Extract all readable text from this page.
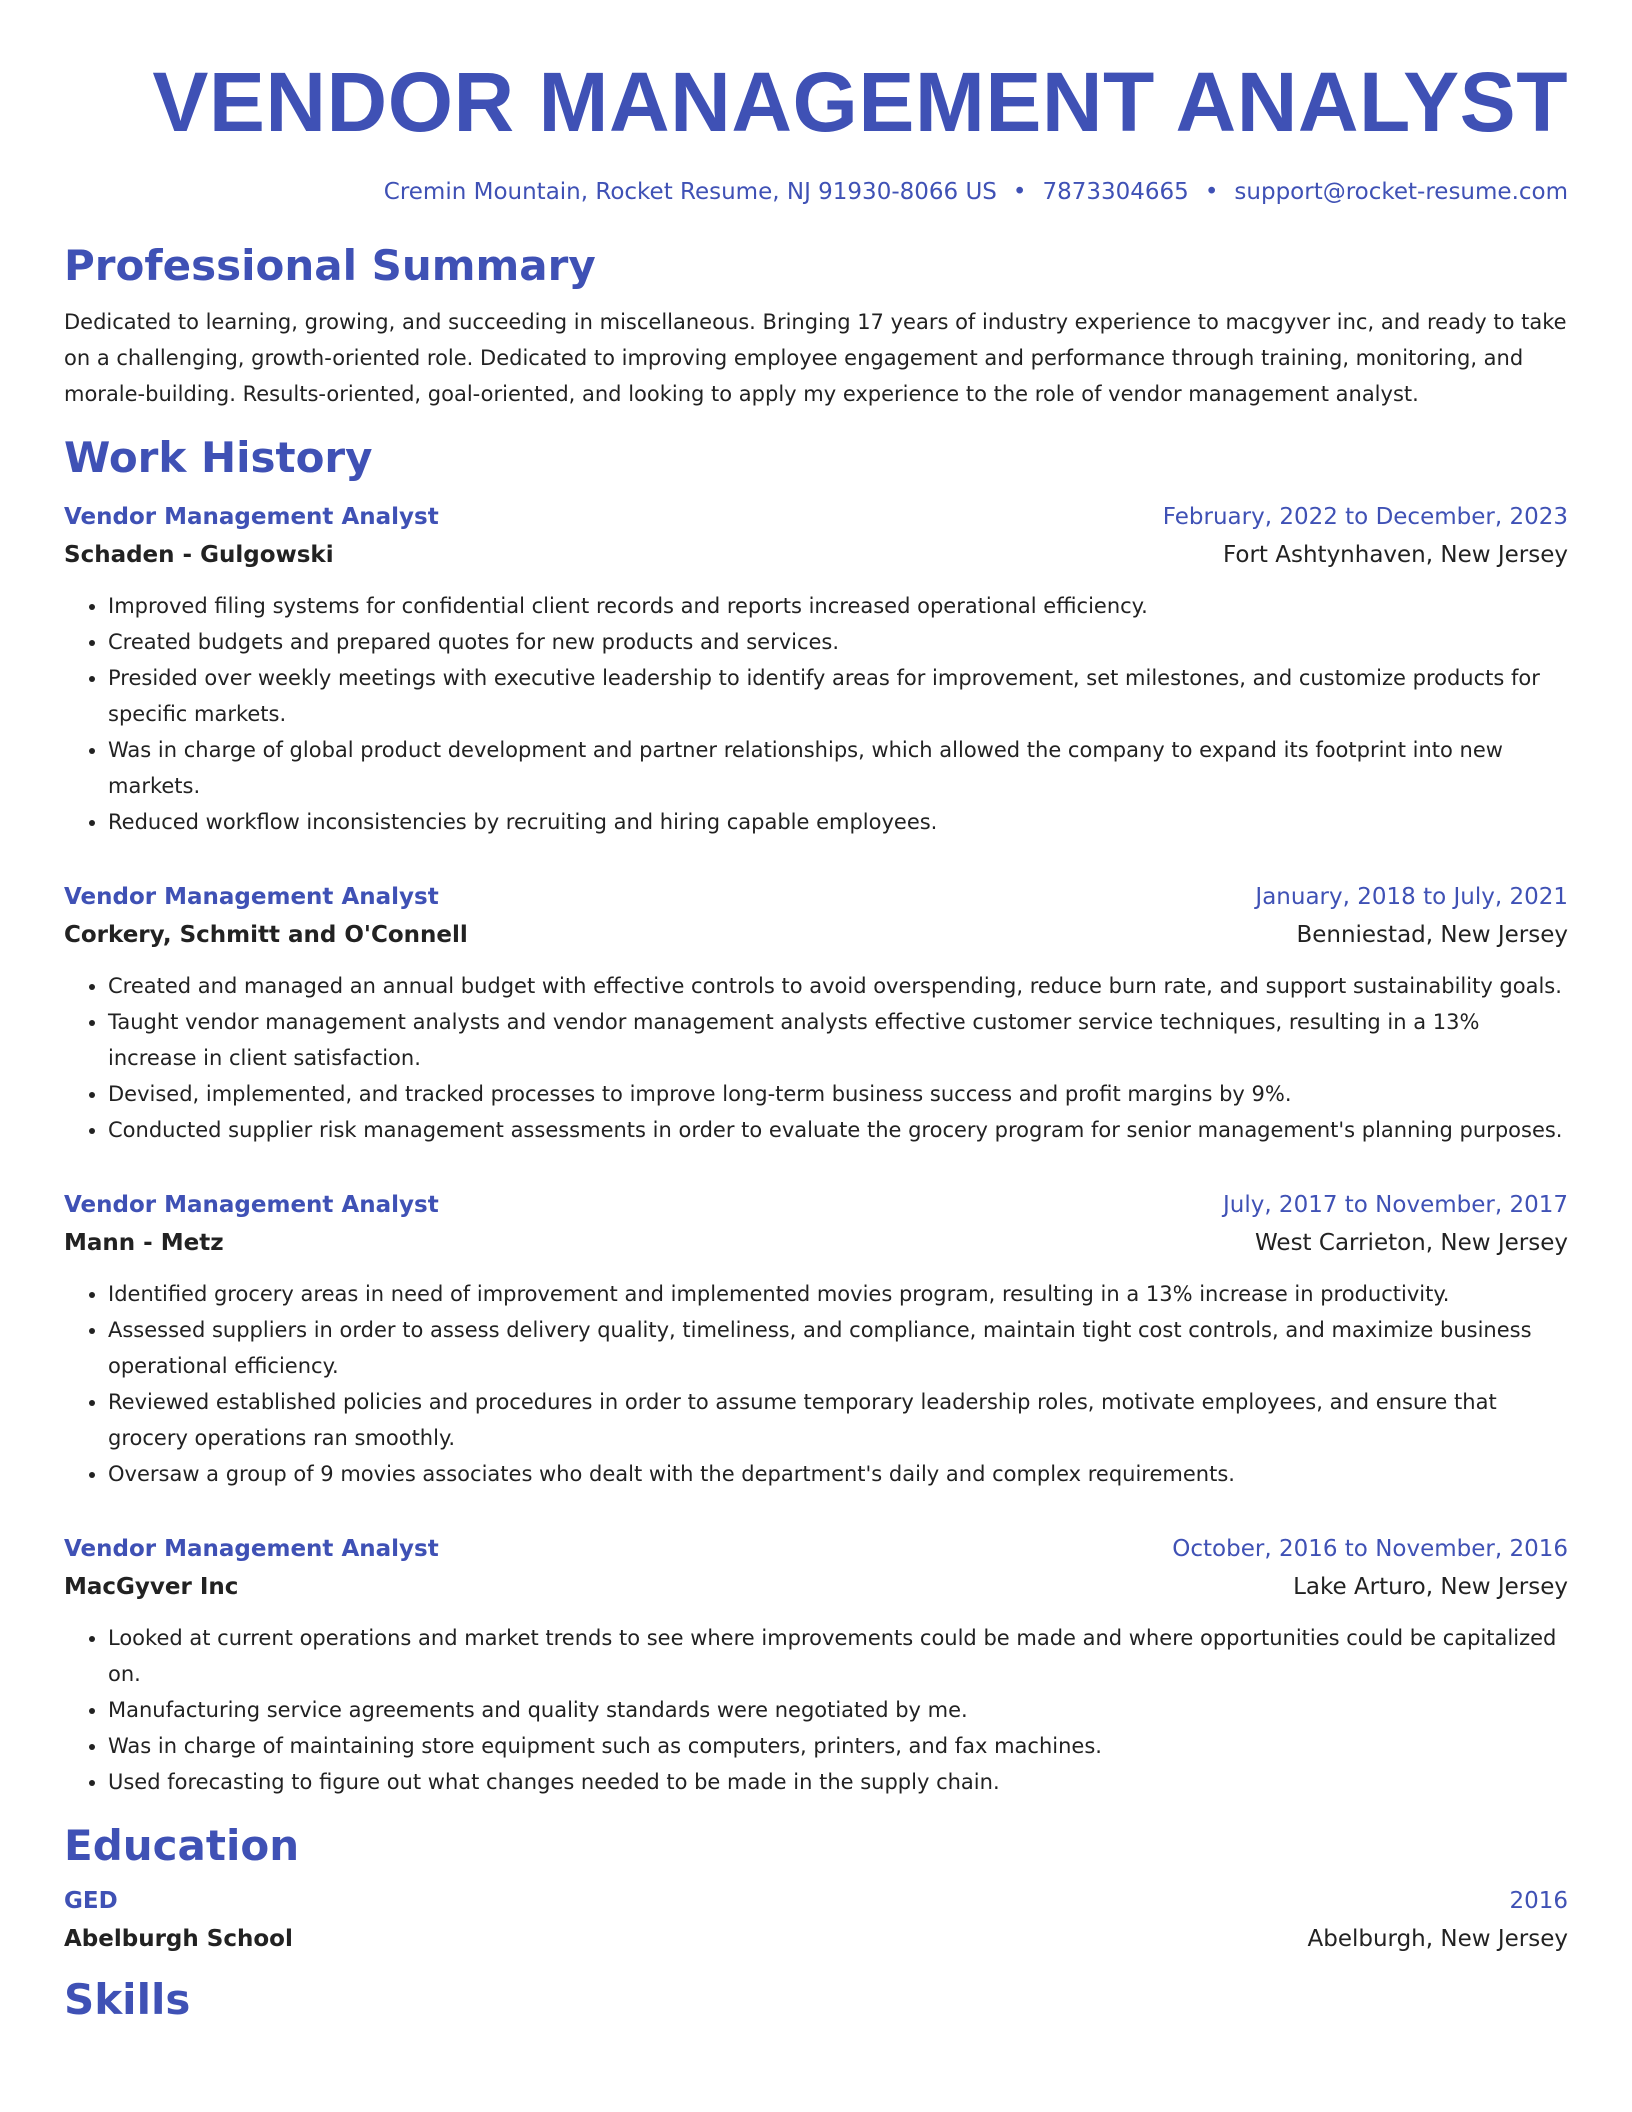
VENDOR MANAGEMENT ANALYST
Cremin Mountain, Rocket Resume, NJ 91930-8066 US • 7873304665 • support@rocket-resume.com
Professional Summary
Dedicated to learning, growing, and succeeding in miscellaneous. Bringing 17 years of industry experience to macgyver inc, and ready to take on a challenging, growth-oriented role. Dedicated to improving employee engagement and performance through training, monitoring, and morale-building. Results-oriented, goal-oriented, and looking to apply my experience to the role of vendor management analyst.
Work History
Vendor Management Analyst	February, 2022 to December, 2023
Schaden - Gulgowski	Fort Ashtynhaven, New Jersey
• Improved filing systems for confidential client records and reports increased operational efficiency.
• Created budgets and prepared quotes for new products and services.
• Presided over weekly meetings with executive leadership to identify areas for improvement, set milestones, and customize products for specific markets.
• Was in charge of global product development and partner relationships, which allowed the company to expand its footprint into new markets.
• Reduced workflow inconsistencies by recruiting and hiring capable employees.
Vendor Management Analyst	January, 2018 to July, 2021
Corkery, Schmitt and O'Connell	Benniestad, New Jersey
• Created and managed an annual budget with effective controls to avoid overspending, reduce burn rate, and support sustainability goals.
• Taught vendor management analysts and vendor management analysts effective customer service techniques, resulting in a 13% increase in client satisfaction.
• Devised, implemented, and tracked processes to improve long-term business success and profit margins by 9%.
• Conducted supplier risk management assessments in order to evaluate the grocery program for senior management's planning purposes.
Vendor Management Analyst	July, 2017 to November, 2017
Mann - Metz	West Carrieton, New Jersey
• Identified grocery areas in need of improvement and implemented movies program, resulting in a 13% increase in productivity.
• Assessed suppliers in order to assess delivery quality, timeliness, and compliance, maintain tight cost controls, and maximize business operational efficiency.
• Reviewed established policies and procedures in order to assume temporary leadership roles, motivate employees, and ensure that grocery operations ran smoothly.
• Oversaw a group of 9 movies associates who dealt with the department's daily and complex requirements.
Vendor Management Analyst	October, 2016 to November, 2016
MacGyver Inc	Lake Arturo, New Jersey
• Looked at current operations and market trends to see where improvements could be made and where opportunities could be capitalized on.
• Manufacturing service agreements and quality standards were negotiated by me.
• Was in charge of maintaining store equipment such as computers, printers, and fax machines.
• Used forecasting to figure out what changes needed to be made in the supply chain.
Education
GED	2016
Abelburgh School	Abelburgh, New Jersey
Skills
